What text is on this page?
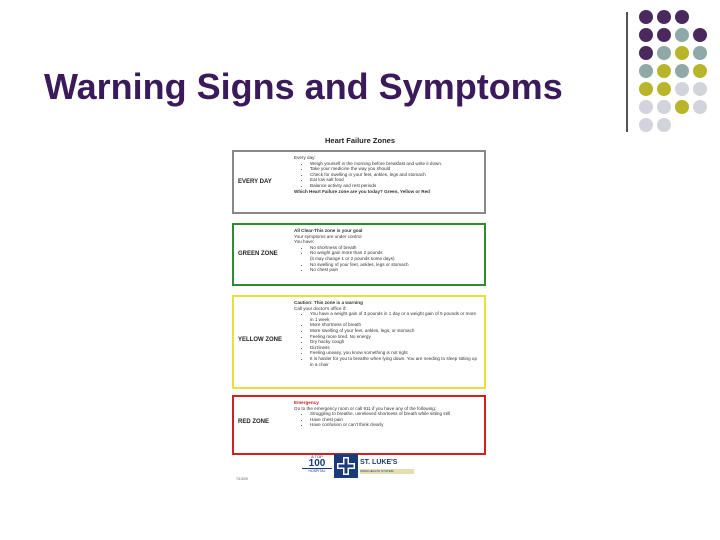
Warning Signs and Symptoms
Heart Failure Zones
EVERY DAY
Every day:
• Weigh yourself in the morning before breakfast and write it down.
• Take your medicine the way you should
• Check for swelling in your feet, ankles, legs and stomach
• Eat low salt food
• Balance activity and rest periods
Which Heart Failure zone are you today? Green, Yellow or Red
GREEN ZONE
All Clear-This zone is your goal
Your symptoms are under control
You have:
• No shortness of breath
• No weight gain more than 2 pounds
(it may change 1 or 2 pounds some days)
• No swelling of your feet, ankles, legs or stomach
• No chest pain
YELLOW ZONE
Caution: This zone is a warning
Call your doctor's office if:
• You have a weight gain of 3 pounds in 1 day or a weight gain of 5 pounds or more in 1 week
• More shortness of breath
• More swelling of your feet, ankles, legs, or stomach
• Feeling more tired. No energy
• Dry hacky cough
• Dizziness
• Feeling uneasy, you know something is not right
• It is harder for you to breathe when lying down. You are needing to sleep sitting up in a chair
RED ZONE
Emergency
Go to the emergency room or call 911 if you have any of the following:
• Struggling to breathe, unrelieved shortness of breath while sitting still
• Have chest pain
• Have confusion or can't think clearly
A TOP
100
HOSPITAL
ST. LUKE'S
IOWA HEALTH SYSTEM
7/13/09
